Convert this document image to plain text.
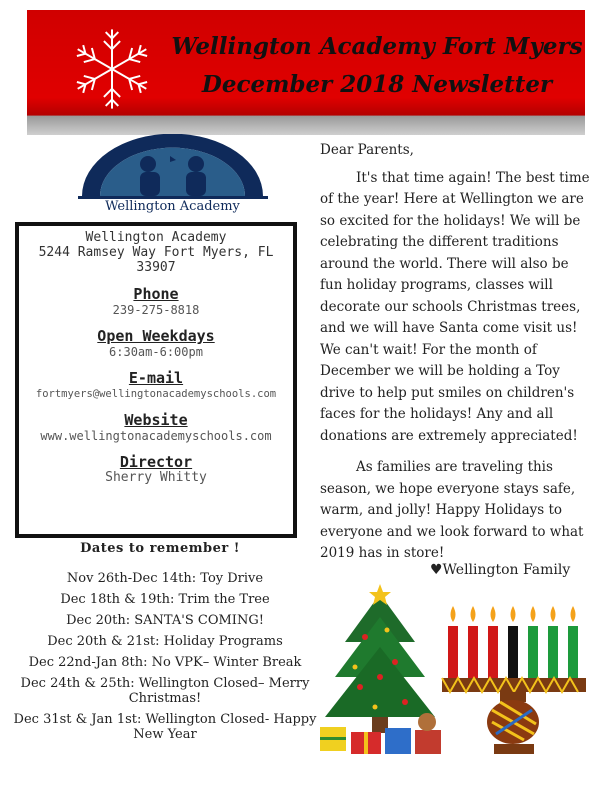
Wellington Academy Fort Myers
December 2018 Newsletter
Wellington Academy
Wellington Academy
5244 Ramsey Way Fort Myers, FL 33907
Phone
239-275-8818
Open Weekdays
6:30am-6:00pm
E-mail
fortmyers@wellingtonacademyschools.com
Website
www.wellingtonacademyschools.com
Director
Sherry Whitty
Dates to remember !
Nov 26th-Dec 14th: Toy Drive
Dec 18th & 19th: Trim the Tree
Dec 20th: SANTA'S COMING!
Dec 20th & 21st: Holiday Programs
Dec 22nd-Jan 8th: No VPK– Winter Break
Dec 24th & 25th: Wellington Closed– Merry Christmas!
Dec 31st & Jan 1st: Wellington Closed- Happy New Year
Dear Parents,

It's that time again! The best time of the year! Here at Wellington we are so excited for the holidays! We will be celebrating the different traditions around the world. There will also be fun holiday programs, classes will decorate our schools Christmas trees, and we will have Santa come visit us! We can't wait! For the month of December we will be holding a Toy drive to help put smiles on children's faces for the holidays! Any and all donations are extremely appreciated!

As families are traveling this season, we hope everyone stays safe, warm, and jolly! Happy Holidays to everyone and we look forward to what 2019 has in store!

♥Wellington Family
